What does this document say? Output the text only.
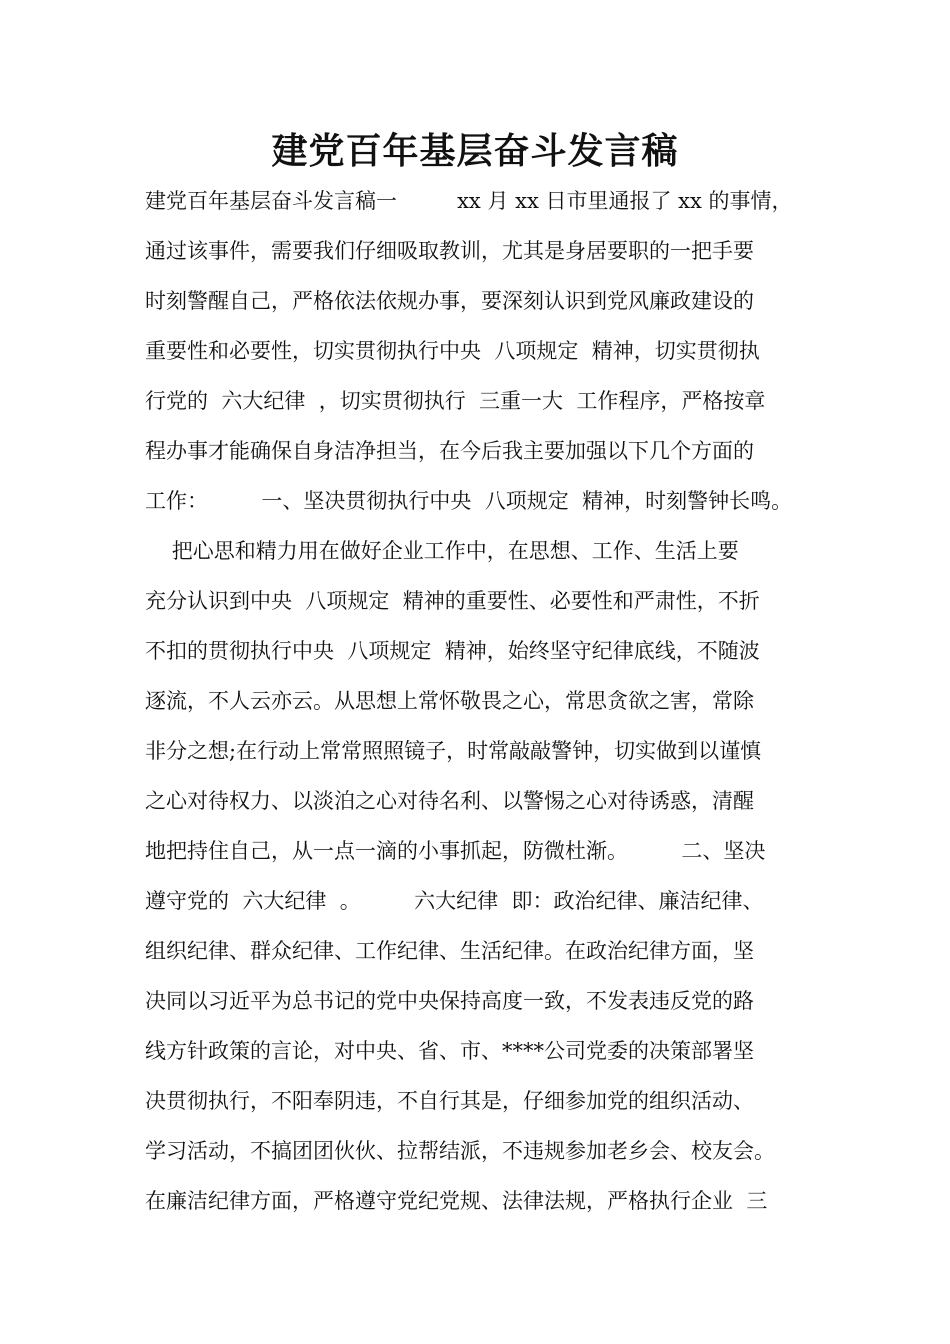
建党百年基层奋斗发言稿
建党百年基层奋斗发言稿一         xx 月 xx 日市里通报了 xx 的事情，
通过该事件，需要我们仔细吸取教训，尤其是身居要职的一把手要
时刻警醒自己，严格依法依规办事，要深刻认识到党风廉政建设的
重要性和必要性，切实贯彻执行中央  八项规定  精神，切实贯彻执
行党的  六大纪律  ，切实贯彻执行  三重一大  工作程序，严格按章
程办事才能确保自身洁净担当，在今后我主要加强以下几个方面的
工作：        一、坚决贯彻执行中央  八项规定  精神，时刻警钟长鸣。
把心思和精力用在做好企业工作中，在思想、工作、生活上要
充分认识到中央  八项规定  精神的重要性、必要性和严肃性，不折
不扣的贯彻执行中央  八项规定  精神，始终坚守纪律底线，不随波
逐流，不人云亦云。从思想上常怀敬畏之心，常思贪欲之害，常除
非分之想;在行动上常常照照镜子，时常敲敲警钟，切实做到以谨慎
之心对待权力、以淡泊之心对待名利、以警惕之心对待诱惑，清醒
地把持住自己，从一点一滴的小事抓起，防微杜渐。        二、坚决
遵守党的  六大纪律  。        六大纪律  即：政治纪律、廉洁纪律、
组织纪律、群众纪律、工作纪律、生活纪律。在政治纪律方面，坚
决同以习近平为总书记的党中央保持高度一致，不发表违反党的路
线方针政策的言论，对中央、省、市、****公司党委的决策部署坚
决贯彻执行，不阳奉阴违，不自行其是，仔细参加党的组织活动、
学习活动，不搞团团伙伙、拉帮结派，不违规参加老乡会、校友会。
在廉洁纪律方面，严格遵守党纪党规、法律法规，严格执行企业  三
